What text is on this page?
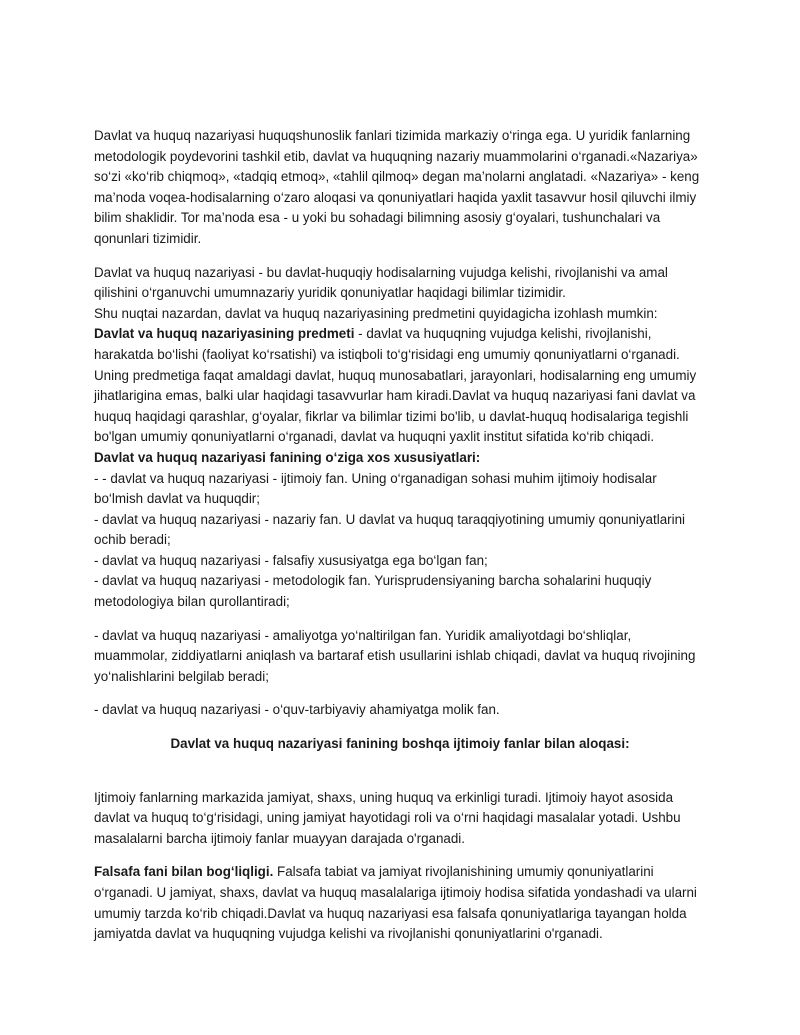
Davlat va huquq nazariyasi huquqshunoslik fanlari tizimida markaziy o‘ringa ega. U yuridik fanlarning metodologik poydevorini tashkil etib, davlat va huquqning nazariy muammolarini o‘rganadi.«Nazariya» so‘zi «ko‘rib chiqmoq», «tadqiq etmoq», «tahlil qilmoq» degan ma’nolarni anglatadi. «Nazariya» - keng ma’noda voqea-hodisalarning o‘zaro aloqasi va qonuniyatlari haqida yaxlit tasavvur hosil qiluvchi ilmiy bilim shaklidir. Tor ma’noda esa - u yoki bu sohadagi bilimning asosiy g‘oyalari, tushunchalari va qonunlari tizimidir.

Davlat va huquq nazariyasi - bu davlat-huquqiy hodisalarning vujudga kelishi, rivojlanishi va amal qilishini o‘rganuvchi umumnazariy yuridik qonuniyatlar haqidagi bilimlar tizimidir.

Shu nuqtai nazardan, davlat va huquq nazariyasining predmetini quyidagicha izohlash mumkin:

Davlat va huquq nazariyasining predmeti - davlat va huquqning vujudga kelishi, rivojlanishi, harakatda bo‘lishi (faoliyat ko‘rsatishi) va istiqboli to‘g‘risidagi eng umumiy qonuniyatlarni o‘rganadi.

Uning predmetiga faqat amaldagi davlat, huquq munosabatlari, jarayonlari, hodisalarning eng umumiy jihatlarigina emas, balki ular haqidagi tasavvurlar ham kiradi.Davlat va huquq nazariyasi fani davlat va huquq haqidagi qarashlar, g‘oyalar, fikrlar va bilimlar tizimi bo'lib, u davlat-huquq hodisalariga tegishli bo'lgan umumiy qonuniyatlarni o‘rganadi, davlat va huquqni yaxlit institut sifatida ko‘rib chiqadi.

Davlat va huquq nazariyasi fanining o‘ziga xos xususiyatlari:

- - davlat va huquq nazariyasi - ijtimoiy fan. Uning o‘rganadigan sohasi muhim ijtimoiy hodisalar bo‘lmish davlat va huquqdir;

- davlat va huquq nazariyasi - nazariy fan. U davlat va huquq taraqqiyotining umumiy qonuniyatlarini ochib beradi;

- davlat va huquq nazariyasi - falsafiy xususiyatga ega bo‘lgan fan;

- davlat va huquq nazariyasi - metodologik fan. Yurisprudensiyaning barcha sohalarini huquqiy metodologiya bilan qurollantiradi;

- davlat va huquq nazariyasi - amaliyotga yo‘naltirilgan fan. Yuridik amaliyotdagi bo‘shliqlar, muammolar, ziddiyatlarni aniqlash va bartaraf etish usullarini ishlab chiqadi, davlat va huquq rivojining yo‘nalishlarini belgilab beradi;

- davlat va huquq nazariyasi - o‘quv-tarbiyaviy ahamiyatga molik fan.

Davlat va huquq nazariyasi fanining boshqa ijtimoiy fanlar bilan aloqasi:

Ijtimoiy fanlarning markazida jamiyat, shaxs, uning huquq va erkinligi turadi. Ijtimoiy hayot asosida davlat va huquq to‘g‘risidagi, uning jamiyat hayotidagi roli va o‘rni haqidagi masalalar yotadi. Ushbu masalalarni barcha ijtimoiy fanlar muayyan darajada o'rganadi.

Falsafa fani bilan bog‘liqligi. Falsafa tabiat va jamiyat rivojlanishining umumiy qonuniyatlarini o‘rganadi. U jamiyat, shaxs, davlat va huquq masalalariga ijtimoiy hodisa sifatida yondashadi va ularni umumiy tarzda ko‘rib chiqadi.Davlat va huquq nazariyasi esa falsafa qonuniyatlariga tayangan holda jamiyatda davlat va huquqning vujudga kelishi va rivojlanishi qonuniyatlarini o'rganadi.
